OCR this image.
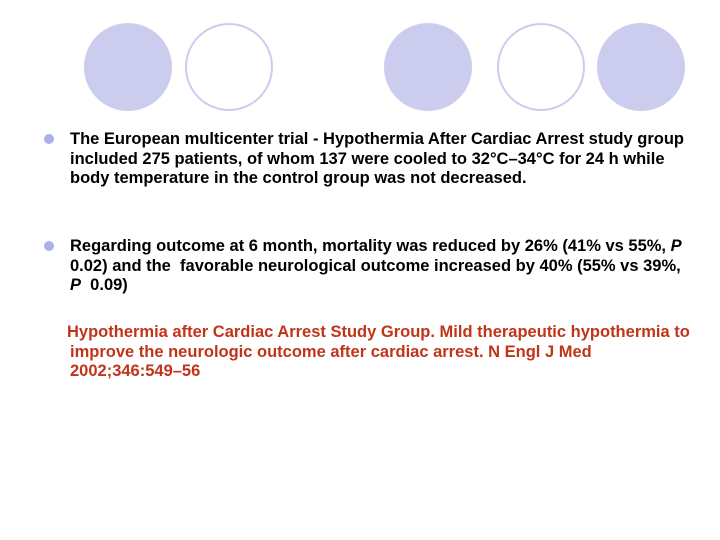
The European multicenter trial - Hypothermia After Cardiac Arrest study group included 275 patients, of whom 137 were cooled to 32°C–34°C for 24 h while body temperature in the control group was not decreased.
Regarding outcome at 6 month, mortality was reduced by 26% (41% vs 55%, P  0.02) and the  favorable neurological outcome increased by 40% (55% vs 39%, P  0.09)
Hypothermia after Cardiac Arrest Study Group. Mild therapeutic hypothermia to improve the neurologic outcome after cardiac arrest. N Engl J Med 2002;346:549–56
